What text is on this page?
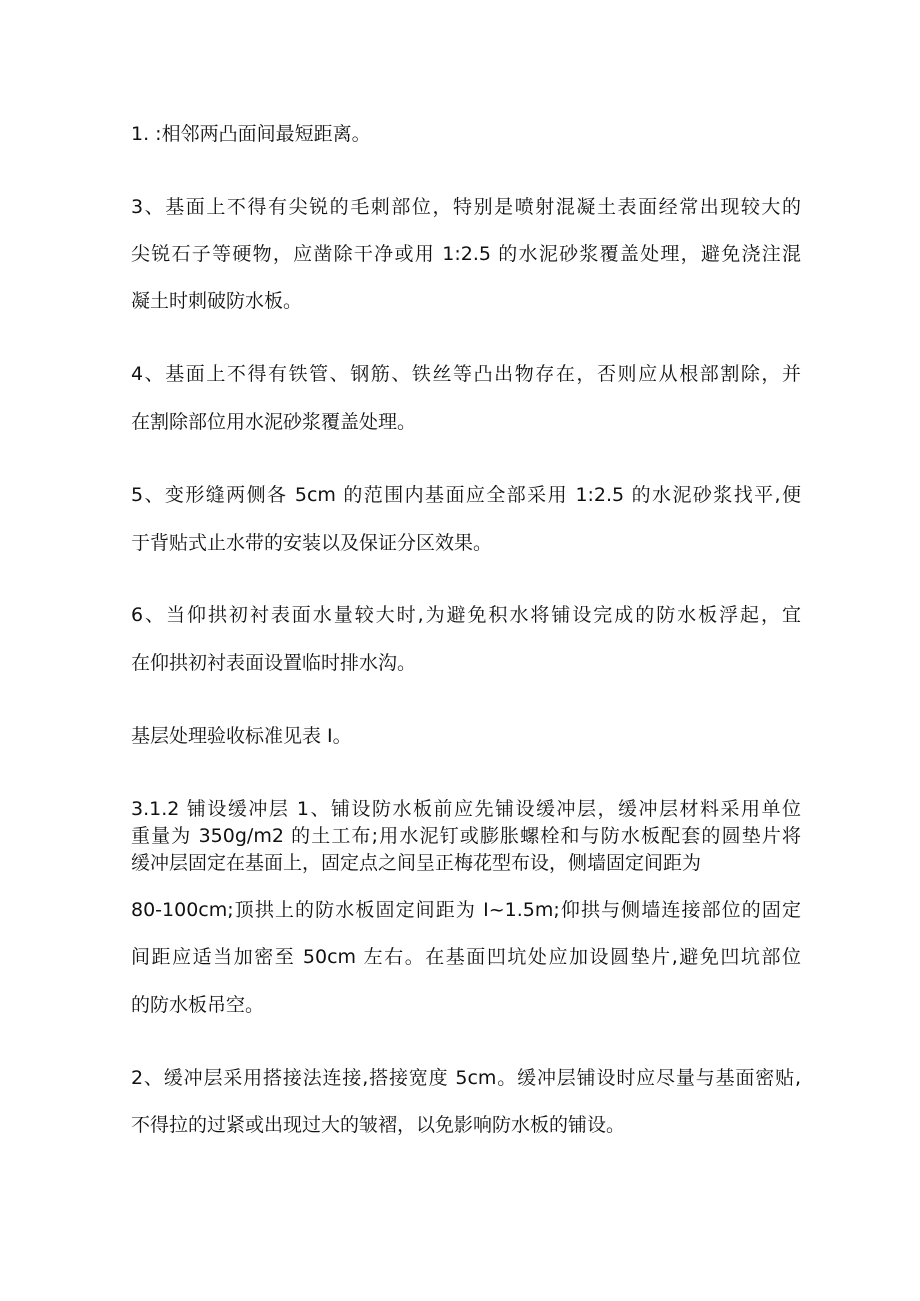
1. :相邻两凸面间最短距离。
3、基面上不得有尖锐的毛刺部位，特别是喷射混凝土表面经常出现较大的
尖锐石子等硬物，应凿除干净或用 1:2.5 的水泥砂浆覆盖处理，避免浇注混
凝土时刺破防水板。
4、基面上不得有铁管、钢筋、铁丝等凸出物存在，否则应从根部割除，并
在割除部位用水泥砂浆覆盖处理。
5、变形缝两侧各 5cm 的范围内基面应全部采用 1:2.5 的水泥砂浆找平,便
于背贴式止水带的安装以及保证分区效果。
6、当仰拱初衬表面水量较大时,为避免积水将铺设完成的防水板浮起，宜
在仰拱初衬表面设置临时排水沟。
基层处理验收标准见表 I。
3.1.2 铺设缓冲层 1、铺设防水板前应先铺设缓冲层，缓冲层材料采用单位
重量为 350g∕m2 的土工布;用水泥钉或膨胀螺栓和与防水板配套的圆垫片将
缓冲层固定在基面上，固定点之间呈正梅花型布设，侧墙固定间距为
80-100cm;顶拱上的防水板固定间距为 I~1.5m;仰拱与侧墙连接部位的固定
间距应适当加密至 50cm 左右。在基面凹坑处应加设圆垫片,避免凹坑部位
的防水板吊空。
2、缓冲层采用搭接法连接,搭接宽度 5cm。缓冲层铺设时应尽量与基面密贴,
不得拉的过紧或出现过大的皱褶，以免影响防水板的铺设。
